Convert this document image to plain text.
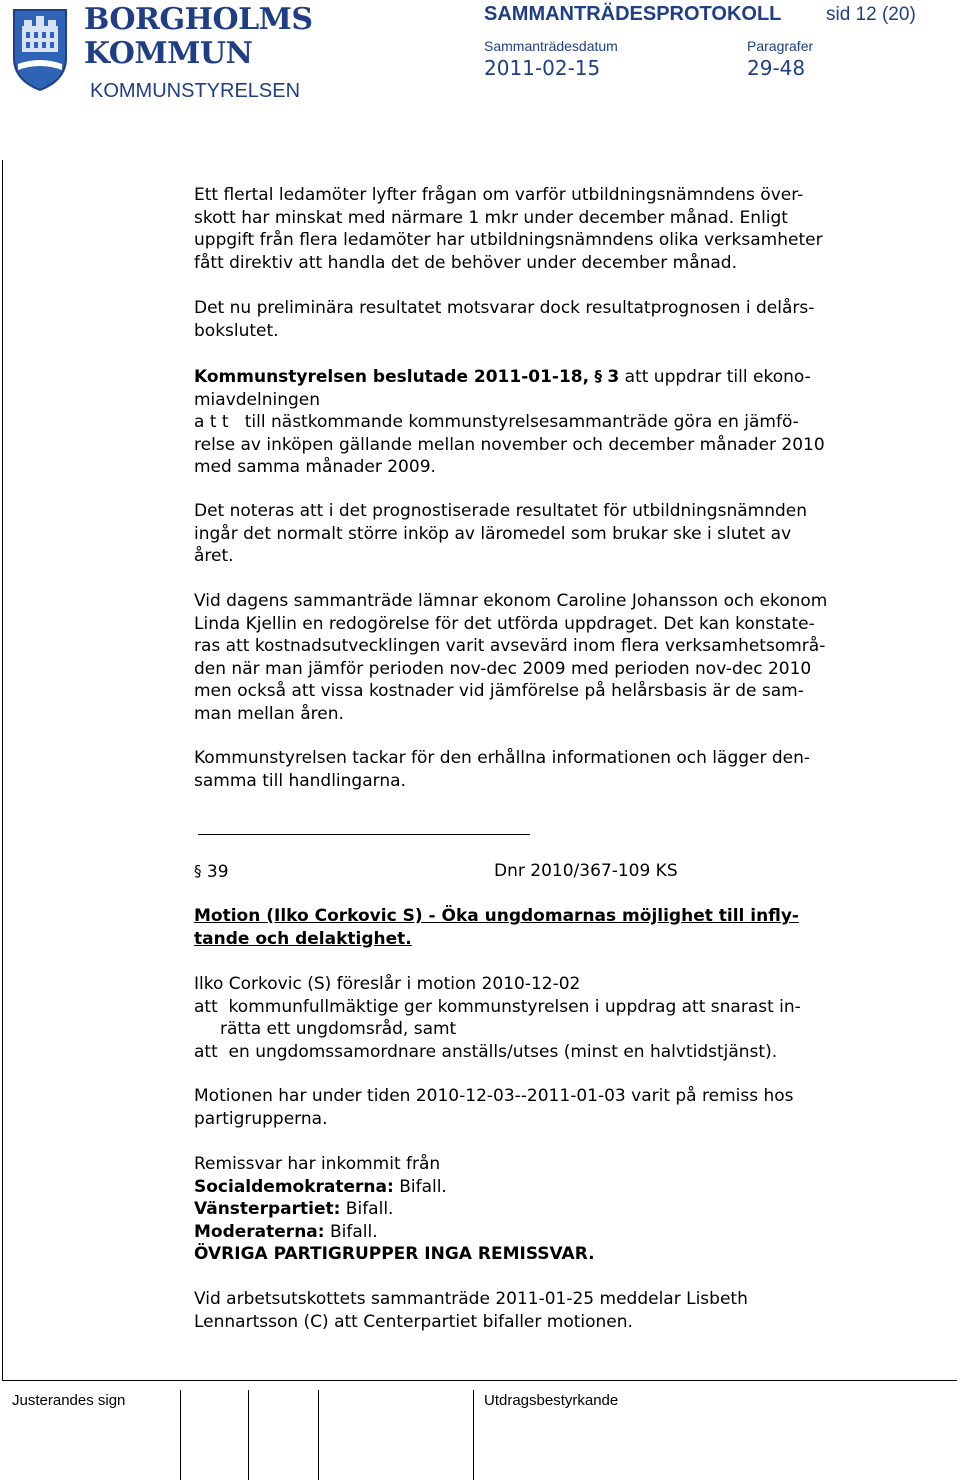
BORGHOLMS
KOMMUN
KOMMUNSTYRELSEN
SAMMANTRÄDESPROTOKOLL sid 12 (20)
Sammanträdesdatum	Paragrafer
2011-02-15	29-48
Justerandes sign	Utdragsbestyrkande
Ett flertal ledamöter lyfter frågan om varför utbildningsnämndens över-
skott har minskat med närmare 1 mkr under december månad. Enligt
uppgift från flera ledamöter har utbildningsnämndens olika verksamheter
fått direktiv att handla det de behöver under december månad.
Det nu preliminära resultatet motsvarar dock resultatprognosen i delårs-
bokslutet.
Kommunstyrelsen beslutade 2011-01-18, § 3 att uppdrar till ekono-
miavdelningen
a t t   till nästkommande kommunstyrelsesammanträde göra en jämfö-
relse av inköpen gällande mellan november och december månader 2010
med samma månader 2009.
Det noteras att i det prognostiserade resultatet för utbildningsnämnden
ingår det normalt större inköp av läromedel som brukar ske i slutet av
året.
Vid dagens sammanträde lämnar ekonom Caroline Johansson och ekonom
Linda Kjellin en redogörelse för det utförda uppdraget. Det kan konstate-
ras att kostnadsutvecklingen varit avsevärd inom flera verksamhetsområ-
den när man jämför perioden nov-dec 2009 med perioden nov-dec 2010
men också att vissa kostnader vid jämförelse på helårsbasis är de sam-
man mellan åren.
Kommunstyrelsen tackar för den erhållna informationen och lägger den-
samma till handlingarna.
§ 39	Dnr 2010/367-109 KS
Motion (Ilko Corkovic S) - Öka ungdomarnas möjlighet till infly-
tande och delaktighet.
Ilko Corkovic (S) föreslår i motion 2010-12-02
att  kommunfullmäktige ger kommunstyrelsen i uppdrag att snarast in-
rätta ett ungdomsråd, samt
att  en ungdomssamordnare anställs/utses (minst en halvtidstjänst).
Motionen har under tiden 2010-12-03--2011-01-03 varit på remiss hos
partigrupperna.
Remissvar har inkommit från
Socialdemokraterna: Bifall.
Vänsterpartiet: Bifall.
Moderaterna: Bifall.
ÖVRIGA PARTIGRUPPER INGA REMISSVAR.
Vid arbetsutskottets sammanträde 2011-01-25 meddelar Lisbeth
Lennartsson (C) att Centerpartiet bifaller motionen.
